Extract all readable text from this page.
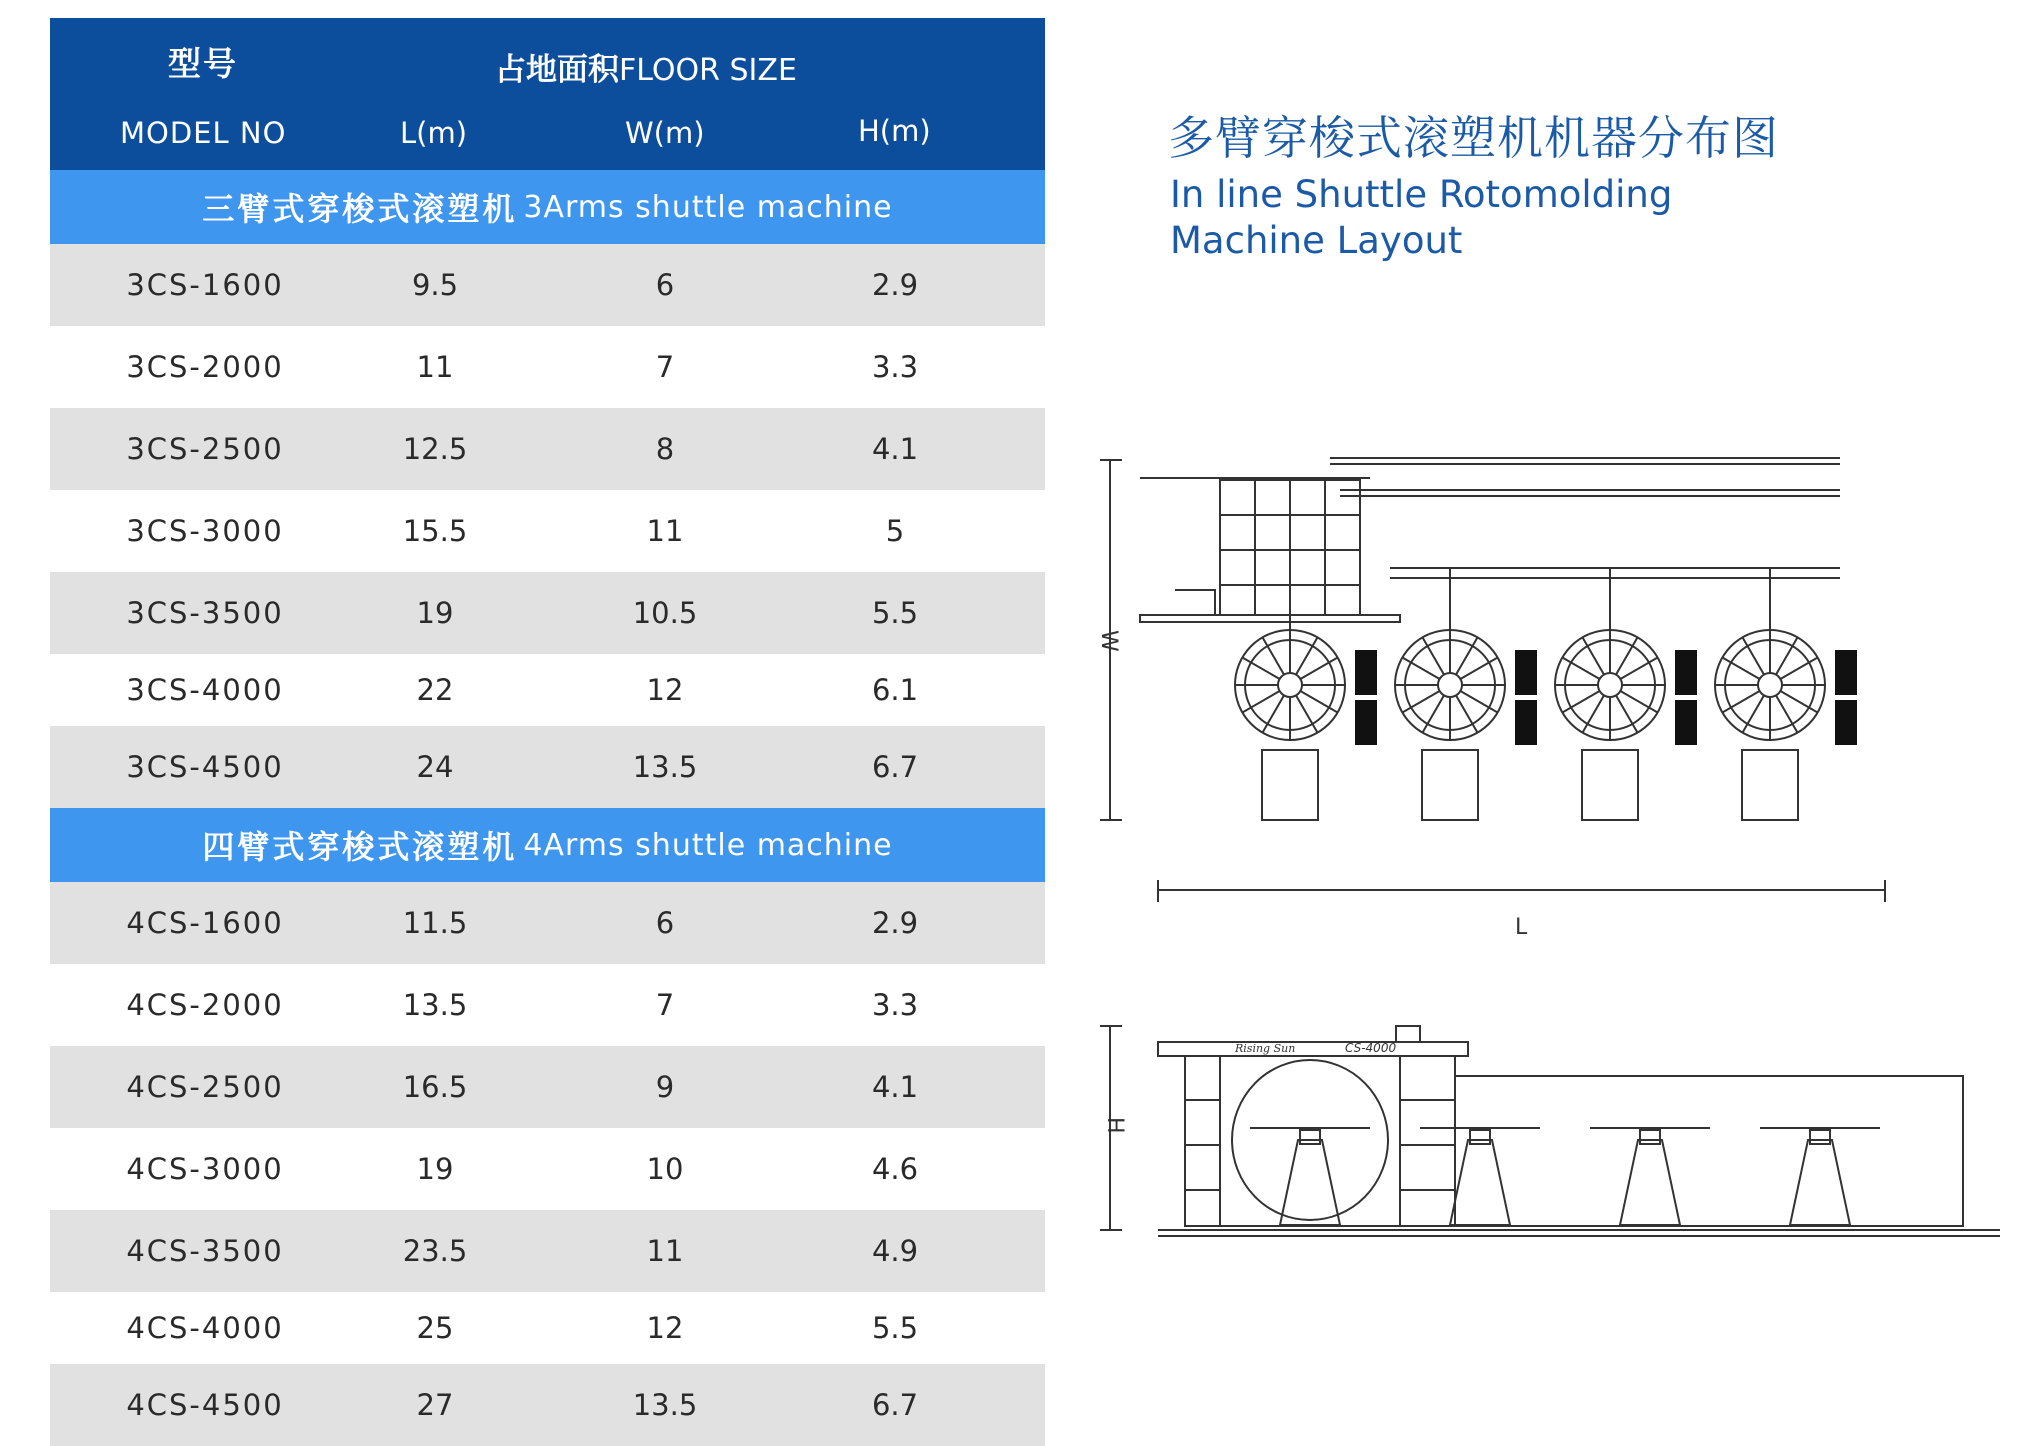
型号	占地面积FLOOR SIZE
MODEL NO	L(m)	W(m)	H(m)
三臂式穿梭式滚塑机 3Arms shuttle machine
3CS-1600	9.5	6	2.9
3CS-2000	11	7	3.3
3CS-2500	12.5	8	4.1
3CS-3000	15.5	11	5
3CS-3500	19	10.5	5.5
3CS-4000	22	12	6.1
3CS-4500	24	13.5	6.7
四臂式穿梭式滚塑机 4Arms shuttle machine
4CS-1600	11.5	6	2.9
4CS-2000	13.5	7	3.3
4CS-2500	16.5	9	4.1
4CS-3000	19	10	4.6
4CS-3500	23.5	11	4.9
4CS-4000	25	12	5.5
4CS-4500	27	13.5	6.7
多臂穿梭式滚塑机机器分布图
In line Shuttle Rotomolding
Machine Layout
W
L
Rising Sun	CS-4000
H
